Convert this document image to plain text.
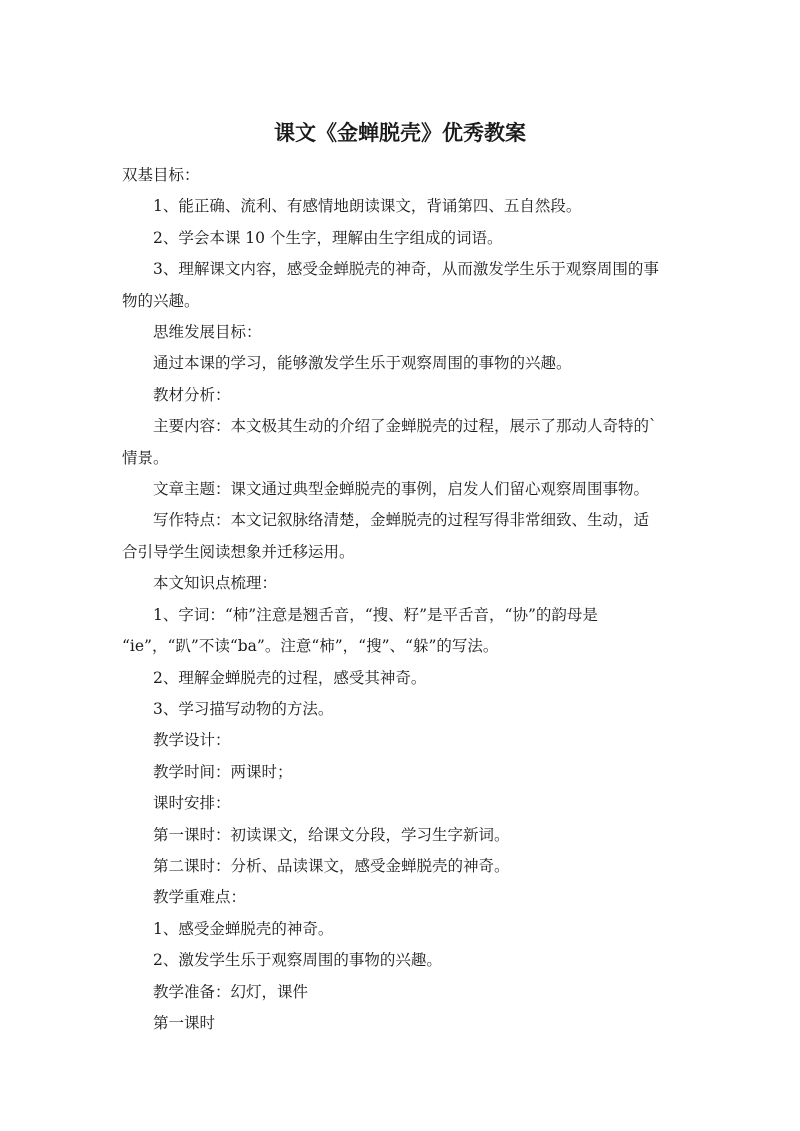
课文《金蝉脱壳》优秀教案

双基目标：

1、能正确、流利、有感情地朗读课文，背诵第四、五自然段。

2、学会本课 10 个生字，理解由生字组成的词语。

3、理解课文内容，感受金蝉脱壳的神奇，从而激发学生乐于观察周围的事

物的兴趣。

思维发展目标：

通过本课的学习，能够激发学生乐于观察周围的事物的兴趣。

教材分析：

主要内容：本文极其生动的介绍了金蝉脱壳的过程，展示了那动人奇特的`

情景。

文章主题：课文通过典型金蝉脱壳的事例，启发人们留心观察周围事物。

写作特点：本文记叙脉络清楚，金蝉脱壳的过程写得非常细致、生动，适

合引导学生阅读想象并迁移运用。

本文知识点梳理：

1、字词：“柿”注意是翘舌音，“搜、籽”是平舌音，“协”的韵母是

“ie”，“趴”不读“ba”。注意“柿”，“搜”、“躲”的写法。

2、理解金蝉脱壳的过程，感受其神奇。

3、学习描写动物的方法。

教学设计：

教学时间：两课时；

课时安排：

第一课时：初读课文，给课文分段，学习生字新词。

第二课时：分析、品读课文，感受金蝉脱壳的神奇。

教学重难点：

1、感受金蝉脱壳的神奇。

2、激发学生乐于观察周围的事物的兴趣。

教学准备：幻灯，课件

第一课时
